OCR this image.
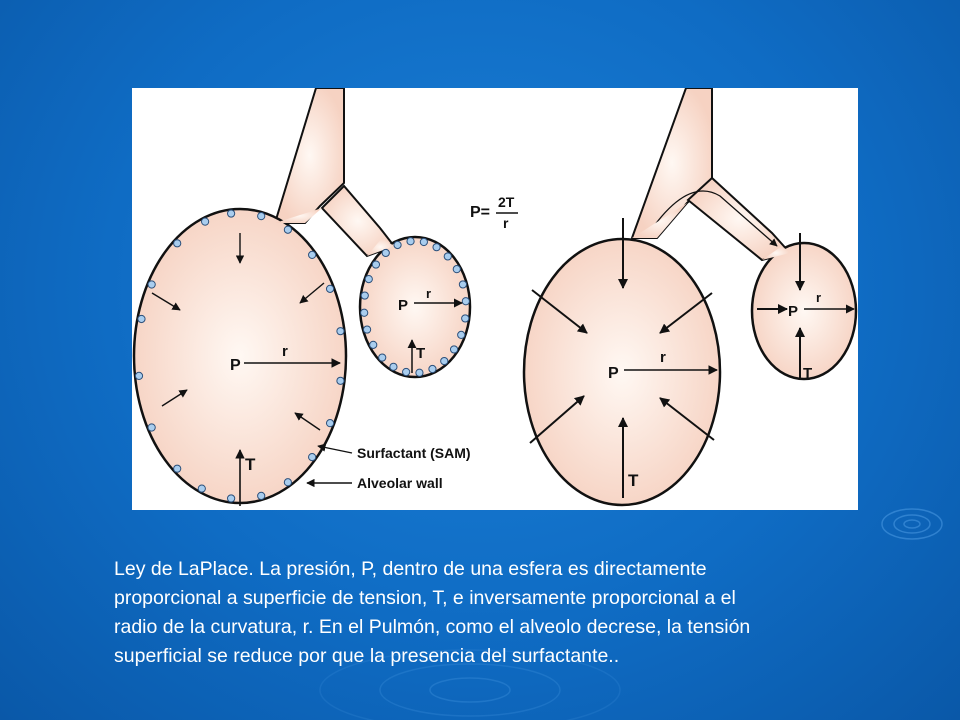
P
r
T
P
r
T
Surfactant (SAM)
Alveolar wall
P=
2T
r
P
r
T
P
r
T
Ley de LaPlace. La presión, P, dentro de una esfera es directamente
proporcional a superficie de tension, T, e inversamente proporcional a el
radio de la curvatura, r. En el Pulmón, como el alveolo decrese, la tensión
superficial se reduce por que la presencia del surfactante..
